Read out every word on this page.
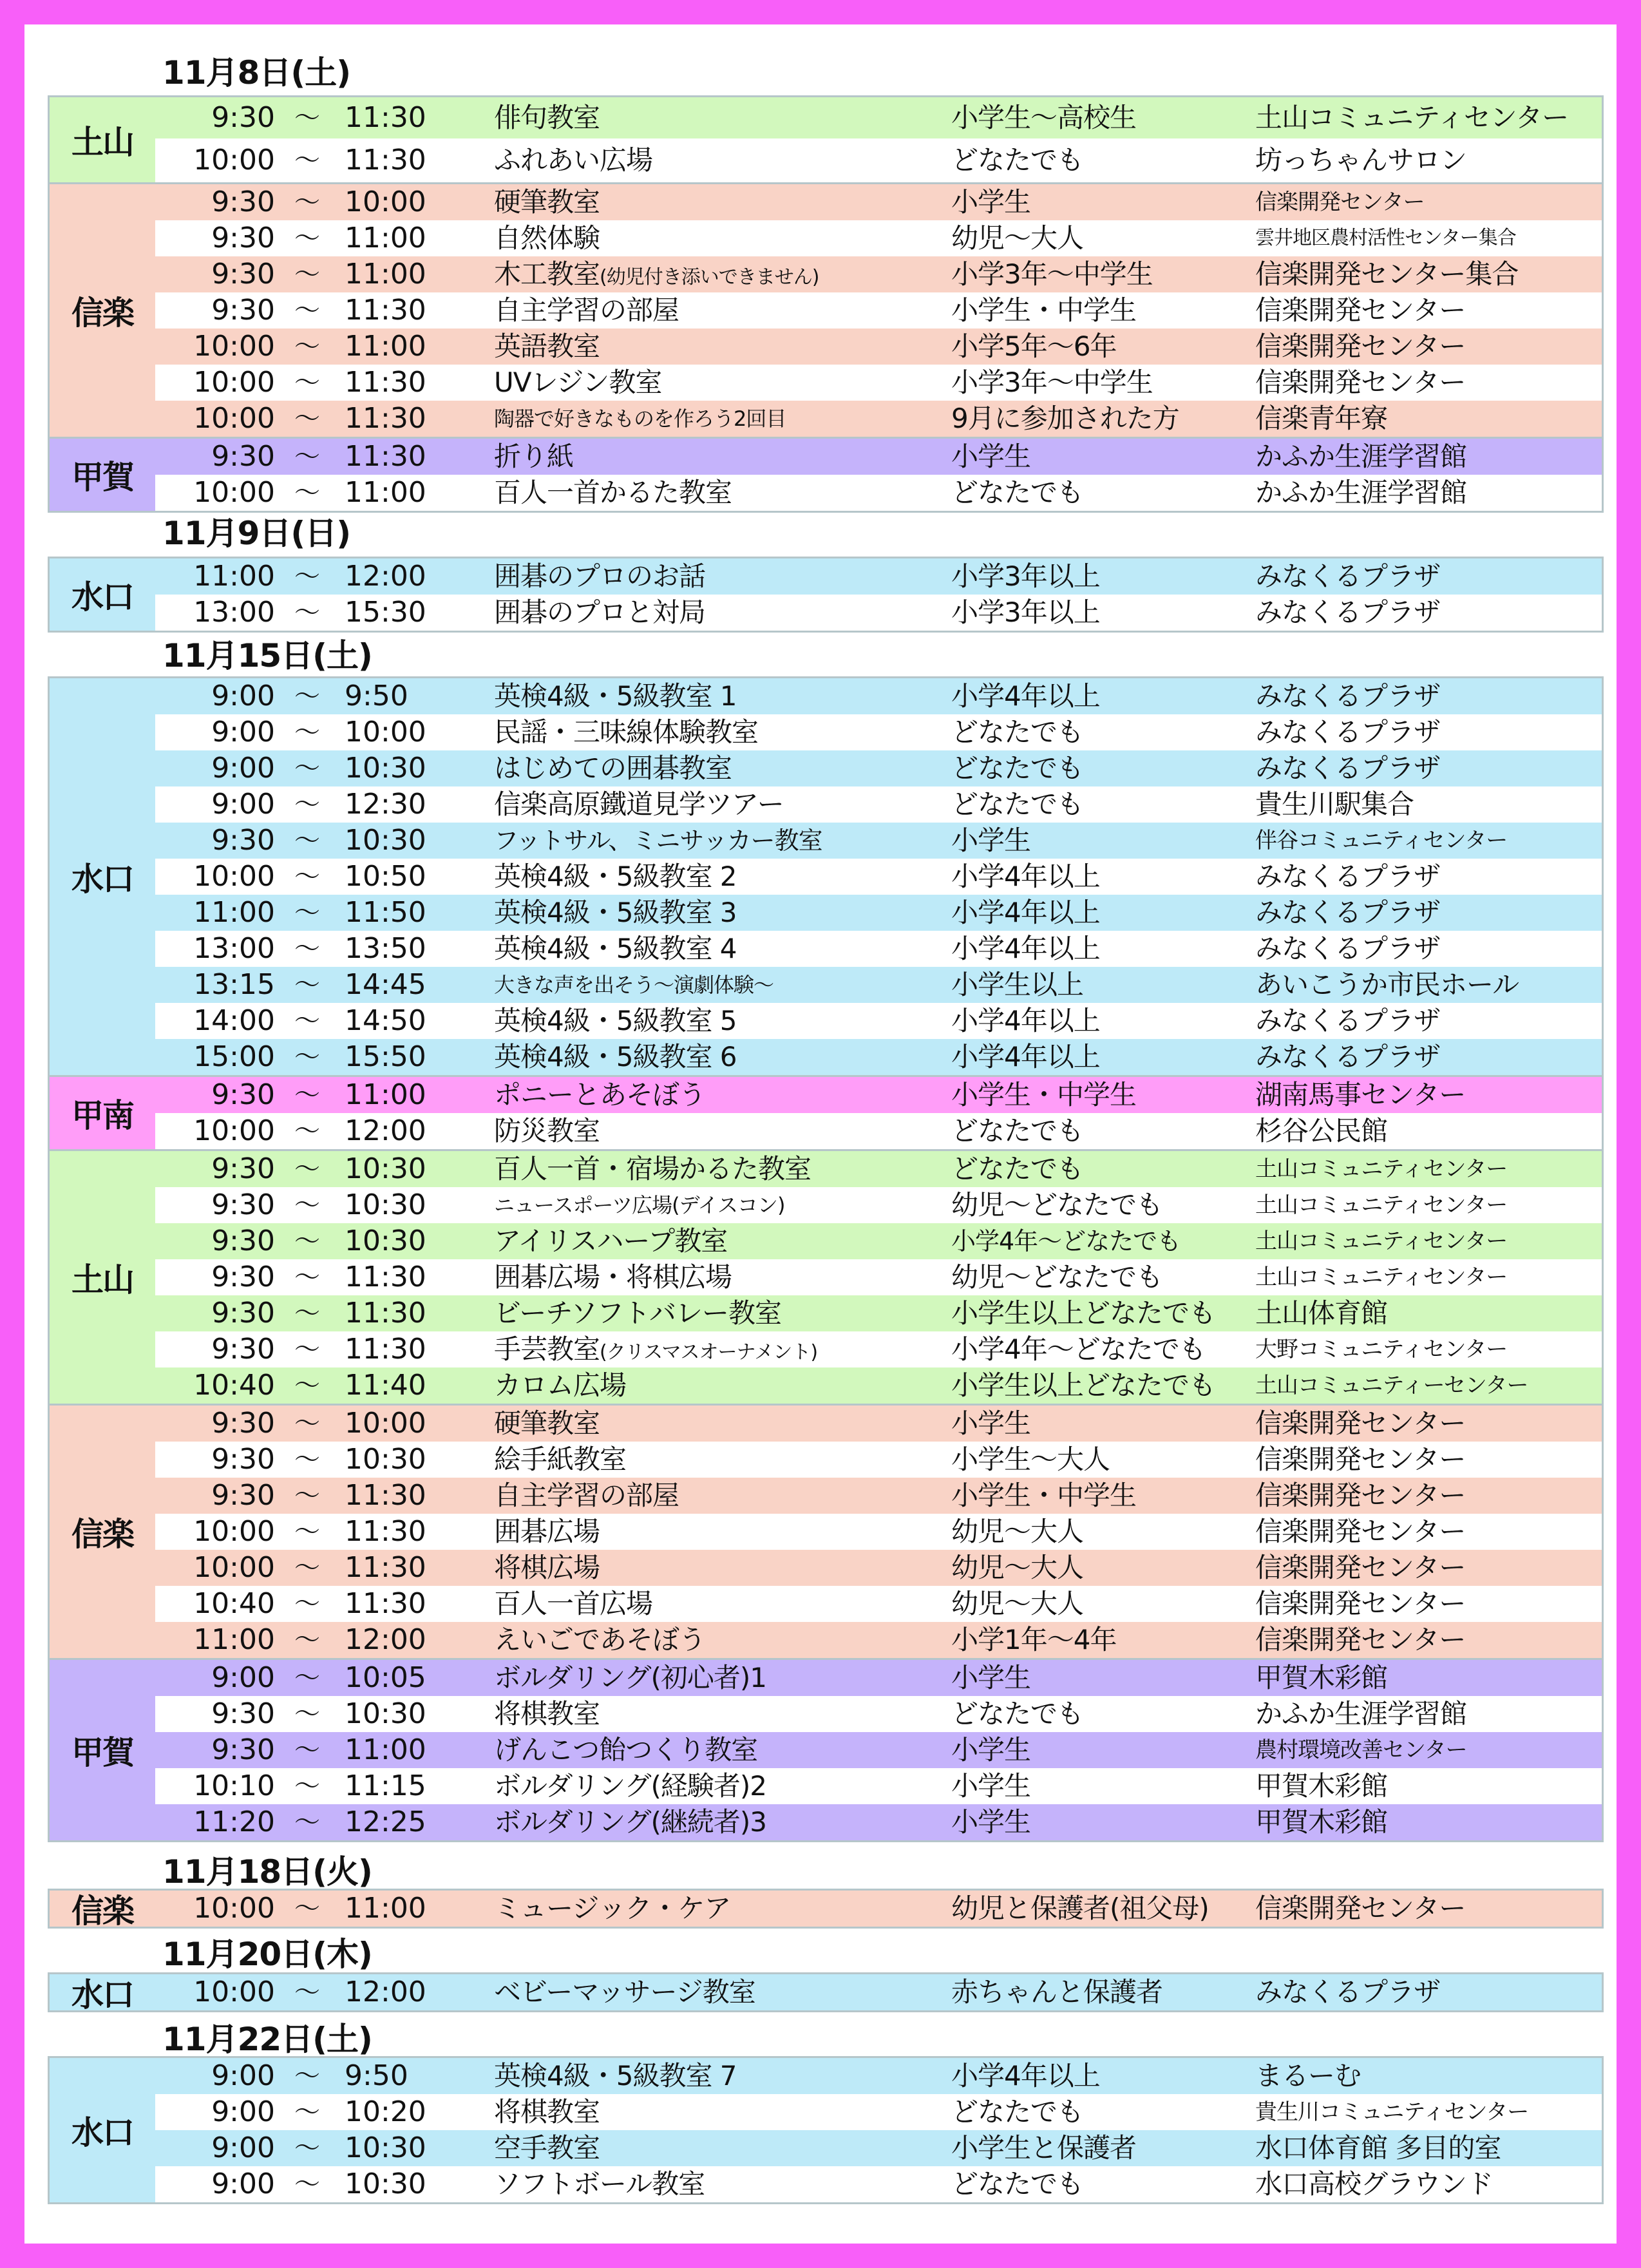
11月8日(土)
土山
9:30 ～ 11:30	俳句教室	小学生～高校生	土山コミュニティセンター
10:00 ～ 11:30	ふれあい広場	どなたでも	坊っちゃんサロン
信楽
9:30 ～ 10:00	硬筆教室	小学生	信楽開発センター
9:30 ～ 11:00	自然体験	幼児～大人	雲井地区農村活性センター集合
9:30 ～ 11:00	木工教室(幼児付き添いできません)	小学3年～中学生	信楽開発センター集合
9:30 ～ 11:30	自主学習の部屋	小学生・中学生	信楽開発センター
10:00 ～ 11:00	英語教室	小学5年～6年	信楽開発センター
10:00 ～ 11:30	UVレジン教室	小学3年～中学生	信楽開発センター
10:00 ～ 11:30	陶器で好きなものを作ろう2回目	9月に参加された方	信楽青年寮
甲賀
9:30 ～ 11:30	折り紙	小学生	かふか生涯学習館
10:00 ～ 11:00	百人一首かるた教室	どなたでも	かふか生涯学習館
11月9日(日)
水口
11:00 ～ 12:00	囲碁のプロのお話	小学3年以上	みなくるプラザ
13:00 ～ 15:30	囲碁のプロと対局	小学3年以上	みなくるプラザ
11月15日(土)
水口
9:00 ～ 9:50	英検4級・5級教室 1	小学4年以上	みなくるプラザ
9:00 ～ 10:00	民謡・三味線体験教室	どなたでも	みなくるプラザ
9:00 ～ 10:30	はじめての囲碁教室	どなたでも	みなくるプラザ
9:00 ～ 12:30	信楽高原鐵道見学ツアー	どなたでも	貴生川駅集合
9:30 ～ 10:30	フットサル、ミニサッカー教室	小学生	伴谷コミュニティセンター
10:00 ～ 10:50	英検4級・5級教室 2	小学4年以上	みなくるプラザ
11:00 ～ 11:50	英検4級・5級教室 3	小学4年以上	みなくるプラザ
13:00 ～ 13:50	英検4級・5級教室 4	小学4年以上	みなくるプラザ
13:15 ～ 14:45	大きな声を出そう～演劇体験～	小学生以上	あいこうか市民ホール
14:00 ～ 14:50	英検4級・5級教室 5	小学4年以上	みなくるプラザ
15:00 ～ 15:50	英検4級・5級教室 6	小学4年以上	みなくるプラザ
甲南
9:30 ～ 11:00	ポニーとあそぼう	小学生・中学生	湖南馬事センター
10:00 ～ 12:00	防災教室	どなたでも	杉谷公民館
土山
9:30 ～ 10:30	百人一首・宿場かるた教室	どなたでも	土山コミュニティセンター
9:30 ～ 10:30	ニュースポーツ広場(デイスコン)	幼児～どなたでも	土山コミュニティセンター
9:30 ～ 10:30	アイリスハープ教室	小学4年～どなたでも	土山コミュニティセンター
9:30 ～ 11:30	囲碁広場・将棋広場	幼児～どなたでも	土山コミュニティセンター
9:30 ～ 11:30	ビーチソフトバレー教室	小学生以上どなたでも 土山体育館
9:30 ～ 11:30	手芸教室(クリスマスオーナメント)	小学4年～どなたでも 大野コミュニティセンター
10:40 ～ 11:40	カロム広場	小学生以上どなたでも 土山コミュニティーセンター
信楽
9:30 ～ 10:00	硬筆教室	小学生	信楽開発センター
9:30 ～ 10:30	絵手紙教室	小学生～大人	信楽開発センター
9:30 ～ 11:30	自主学習の部屋	小学生・中学生	信楽開発センター
10:00 ～ 11:30	囲碁広場	幼児～大人	信楽開発センター
10:00 ～ 11:30	将棋広場	幼児～大人	信楽開発センター
10:40 ～ 11:30	百人一首広場	幼児～大人	信楽開発センター
11:00 ～ 12:00	えいごであそぼう	小学1年～4年	信楽開発センター
甲賀
9:00 ～ 10:05	ボルダリング(初心者)1	小学生	甲賀木彩館
9:30 ～ 10:30	将棋教室	どなたでも	かふか生涯学習館
9:30 ～ 11:00	げんこつ飴つくり教室	小学生	農村環境改善センター
10:10 ～ 11:15	ボルダリング(経験者)2	小学生	甲賀木彩館
11:20 ～ 12:25	ボルダリング(継続者)3	小学生	甲賀木彩館
11月18日(火)
信楽	10:00 ～ 11:00	ミュージック・ケア	幼児と保護者(祖父母) 信楽開発センター
11月20日(木)
水口	10:00 ～ 12:00	ベビーマッサージ教室	赤ちゃんと保護者	みなくるプラザ
11月22日(土)
水口
9:00 ～ 9:50	英検4級・5級教室 7	小学4年以上	まるーむ
9:00 ～ 10:20	将棋教室	どなたでも	貴生川コミュニティセンター
9:00 ～ 10:30	空手教室	小学生と保護者	水口体育館 多目的室
9:00 ～ 10:30	ソフトボール教室	どなたでも	水口高校グラウンド
